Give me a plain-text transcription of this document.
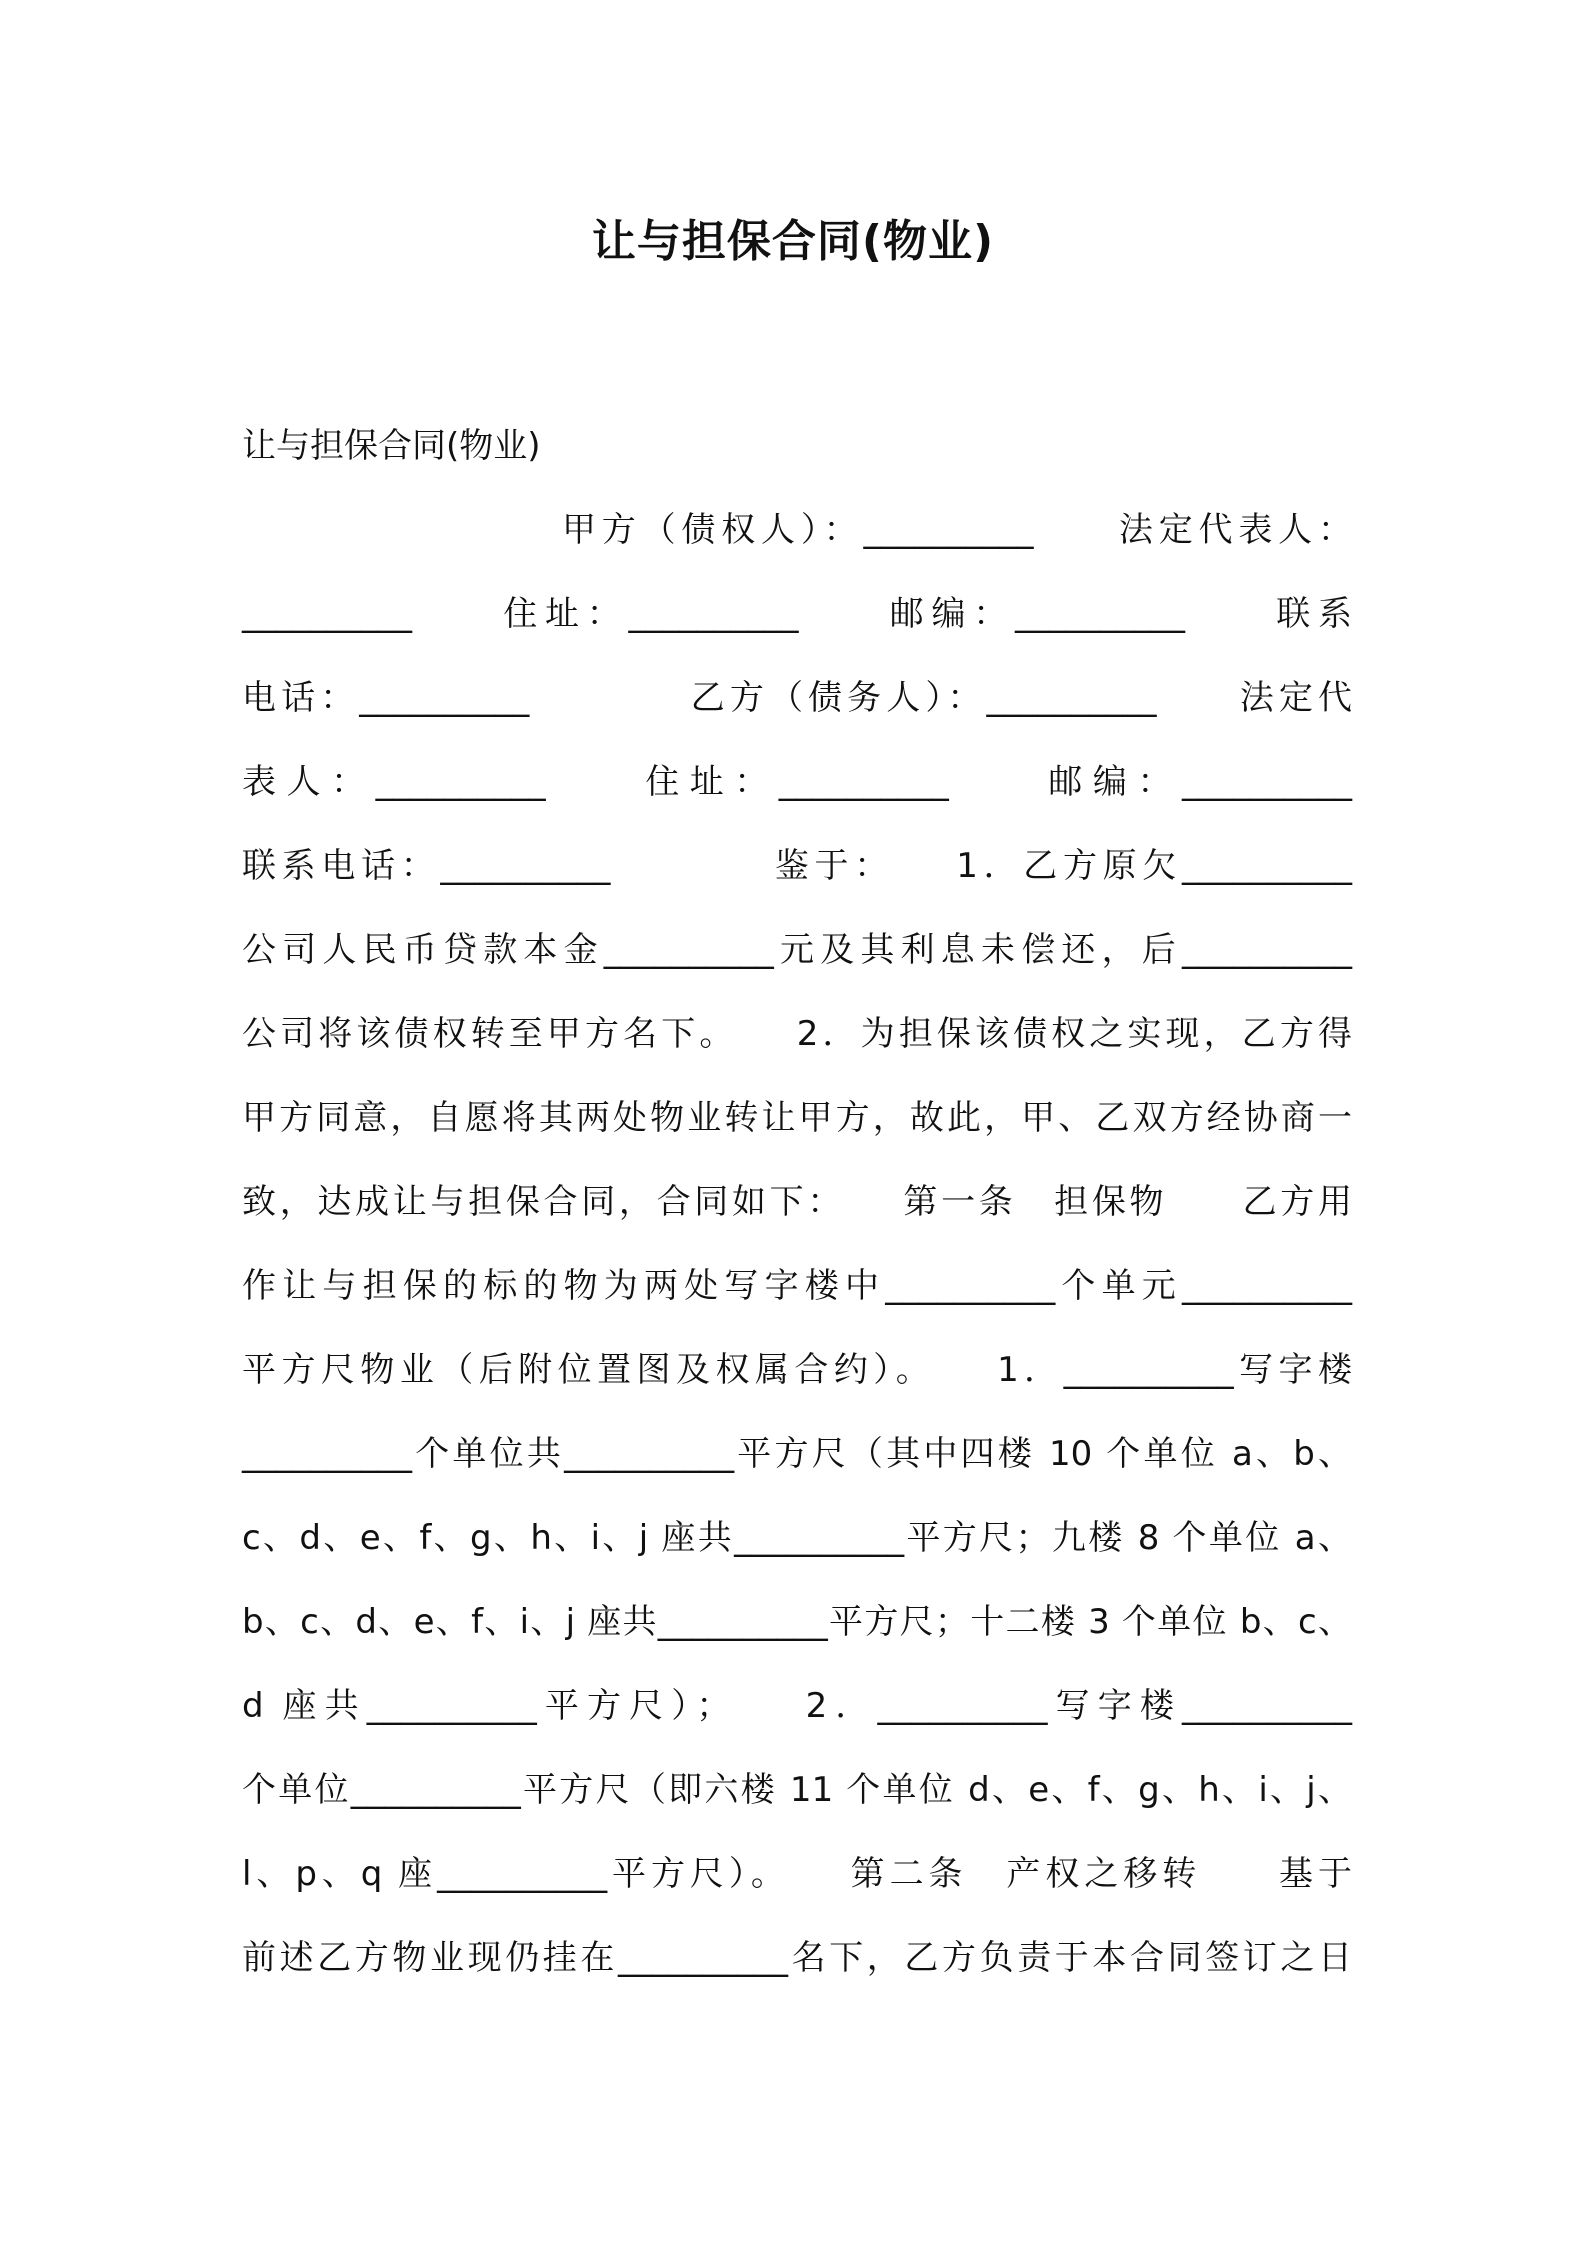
让与担保合同(物业)
让与担保合同(物业)
甲方（债权人）：__________　　法定代表人：
__________　　住址：__________　　邮编：__________　　联系
电话：__________　　　　乙方（债务人）：__________　　法定代
表人：__________　　住址：__________　　邮编：__________
联系电话：__________　　　　鉴于：　　1．乙方原欠__________
公司人民币贷款本金__________元及其利息未偿还，后__________
公司将该债权转至甲方名下。　　2．为担保该债权之实现，乙方得
甲方同意，自愿将其两处物业转让甲方，故此，甲、乙双方经协商一
致，达成让与担保合同，合同如下：　　第一条　担保物　　乙方用
作让与担保的标的物为两处写字楼中__________个单元__________
平方尺物业（后附位置图及权属合约）。　　1．__________写字楼
__________个单位共__________平方尺（其中四楼 10 个单位 a、b、
c、d、e、f、g、h、i、j 座共__________平方尺；九楼 8 个单位 a、
b、c、d、e、f、i、j 座共__________平方尺；十二楼 3 个单位 b、c、
d 座共__________平方尺）；　　2．__________写字楼__________
个单位__________平方尺（即六楼 11 个单位 d、e、f、g、h、i、j、
l、p、q 座__________平方尺）。　　第二条　产权之移转　　基于
前述乙方物业现仍挂在__________名下，乙方负责于本合同签订之日
